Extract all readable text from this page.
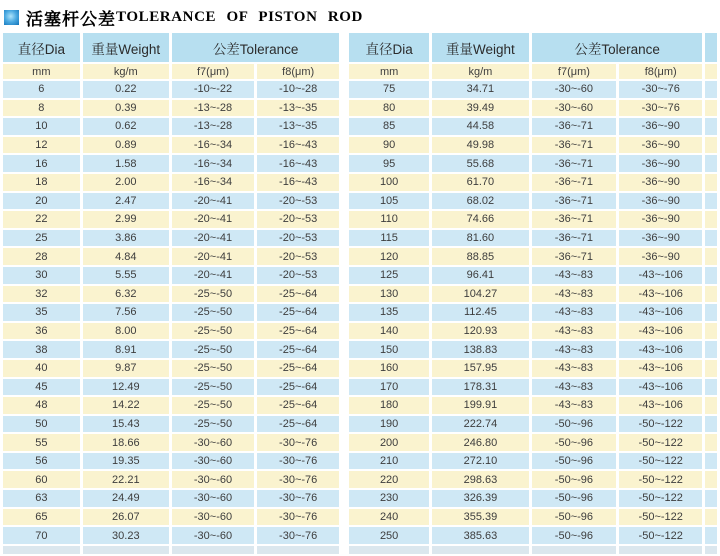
活塞杆公差 TOLERANCE OF PISTON ROD
直径Dia	重量Weight	公差Tolerance	
mm	kg/m	f7(μm)	f8(μm)
6	0.22	-10~-22	-10~-28
8	0.39	-13~-28	-13~-35
10	0.62	-13~-28	-13~-35
12	0.89	-16~-34	-16~-43
16	1.58	-16~-34	-16~-43
18	2.00	-16~-34	-16~-43
20	2.47	-20~-41	-20~-53
22	2.99	-20~-41	-20~-53
25	3.86	-20~-41	-20~-53
28	4.84	-20~-41	-20~-53
30	5.55	-20~-41	-20~-53
32	6.32	-25~-50	-25~-64
35	7.56	-25~-50	-25~-64
36	8.00	-25~-50	-25~-64
38	8.91	-25~-50	-25~-64
40	9.87	-25~-50	-25~-64
45	12.49	-25~-50	-25~-64
48	14.22	-25~-50	-25~-64
50	15.43	-25~-50	-25~-64
55	18.66	-30~-60	-30~-76
56	19.35	-30~-60	-30~-76
60	22.21	-30~-60	-30~-76
63	24.49	-30~-60	-30~-76
65	26.07	-30~-60	-30~-76
70	30.23	-30~-60	-30~-76

直径Dia	重量Weight	公差Tolerance		
mm	kg/m	f7(μm)	f8(μm)	
75	34.71	-30~-60	-30~-76	
80	39.49	-30~-60	-30~-76	
85	44.58	-36~-71	-36~-90	
90	49.98	-36~-71	-36~-90	
95	55.68	-36~-71	-36~-90	
100	61.70	-36~-71	-36~-90	
105	68.02	-36~-71	-36~-90	
110	74.66	-36~-71	-36~-90	
115	81.60	-36~-71	-36~-90	
120	88.85	-36~-71	-36~-90	
125	96.41	-43~-83	-43~-106	
130	104.27	-43~-83	-43~-106	
135	112.45	-43~-83	-43~-106	
140	120.93	-43~-83	-43~-106	
150	138.83	-43~-83	-43~-106	
160	157.95	-43~-83	-43~-106	
170	178.31	-43~-83	-43~-106	
180	199.91	-43~-83	-43~-106	
190	222.74	-50~-96	-50~-122	
200	246.80	-50~-96	-50~-122	
210	272.10	-50~-96	-50~-122	
220	298.63	-50~-96	-50~-122	
230	326.39	-50~-96	-50~-122	
240	355.39	-50~-96	-50~-122	
250	385.63	-50~-96	-50~-122	
